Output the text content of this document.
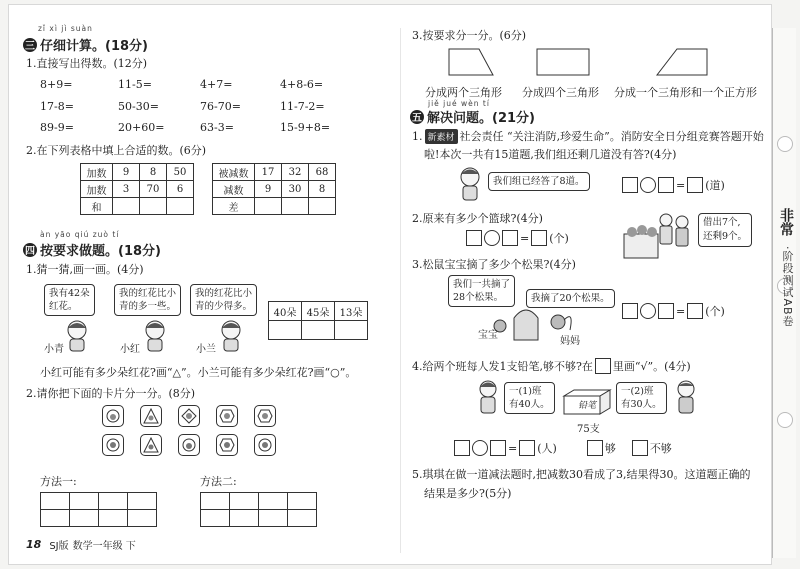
zǐ xì jì suàn
三 仔细计算。(18分)
1.直接写出得数。(12分)
8+9=	11-5=	4+7=	4+8-6=
17-8=	50-30=	76-70=	11-7-2=
89-9=	20+60=	63-3=	15-9+8=
2.在下列表格中填上合适的数。(6分)
加数	9	8	50
加数	3	70	6
和			
被减数	17	32	68
减数	9	30	8
差			
àn yāo qiú zuò tí
四 按要求做题。(18分)
1.猜一猜,画一画。(4分)
我有42朵
红花。
我的红花比小
青的多一些。
我的红花比小
青的少得多。
小青	小红	小兰
40朵	45朵	13朵

小红可能有多少朵红花?画“△”。小兰可能有多少朵红花?画“○”。
2.请你把下面的卡片分一分。(8分)
方法一:	方法二:

18 SJ版 数学一年级 下
3.按要求分一分。(6分)
分成两个三角形 分成四个三角形 分成一个三角形和一个正方形
jiě jué wèn tí
五 解决问题。(21分)
1. 新素材 社会责任 “关注消防,珍爱生命”。消防安全日分组竞赛答题开始
啦!本次一共有15道题,我们组还剩几道没有答?(4分)
我们组已经答了8道。	= (道)
2.原来有多少个篮球?(4分)
= (个)
借出7个,
还剩9个。
3.松鼠宝宝摘了多少个松果?(4分)
我们一共摘了
28个松果。	我摘了20个松果。
宝宝
妈妈
= (个)
4.给两个班每人发1支铅笔,够不够?在 里画“√”。(4分)
一(1)班
有40人。	铅笔
75支
一(2)班
有30人。
= (人)	够	不够
5.琪琪在做一道减法题时,把减数30看成了3,结果得30。这道题正确的
结果是多少?(5分)
非常
·阶段测试AB卷
